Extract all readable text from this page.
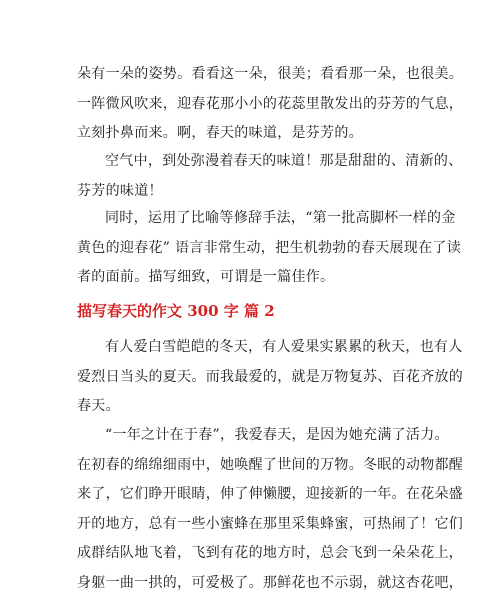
朵有一朵的姿势。看看这一朵，很美；看看那一朵，也很美。
一阵微风吹来，迎春花那小小的花蕊里散发出的芬芳的气息，
立刻扑鼻而来。啊，春天的味道，是芬芳的。

空气中，到处弥漫着春天的味道！那是甜甜的、清新的、
芬芳的味道！

同时，运用了比喻等修辞手法，“第一批高脚杯一样的金
黄色的迎春花” 语言非常生动，把生机勃勃的春天展现在了读
者的面前。描写细致，可谓是一篇佳作。

描写春天的作文 300 字 篇 2

有人爱白雪皑皑的冬天，有人爱果实累累的秋天，也有人
爱烈日当头的夏天。而我最爱的，就是万物复苏、百花齐放的
春天。

“一年之计在于春”，我爱春天，是因为她充满了活力。
在初春的绵绵细雨中，她唤醒了世间的万物。冬眠的动物都醒
来了，它们睁开眼睛，伸了伸懒腰，迎接新的一年。在花朵盛
开的地方，总有一些小蜜蜂在那里采集蜂蜜，可热闹了！它们
成群结队地飞着，飞到有花的地方时，总会飞到一朵朵花上，
身躯一曲一拱的，可爱极了。那鲜花也不示弱，就这杏花吧，
